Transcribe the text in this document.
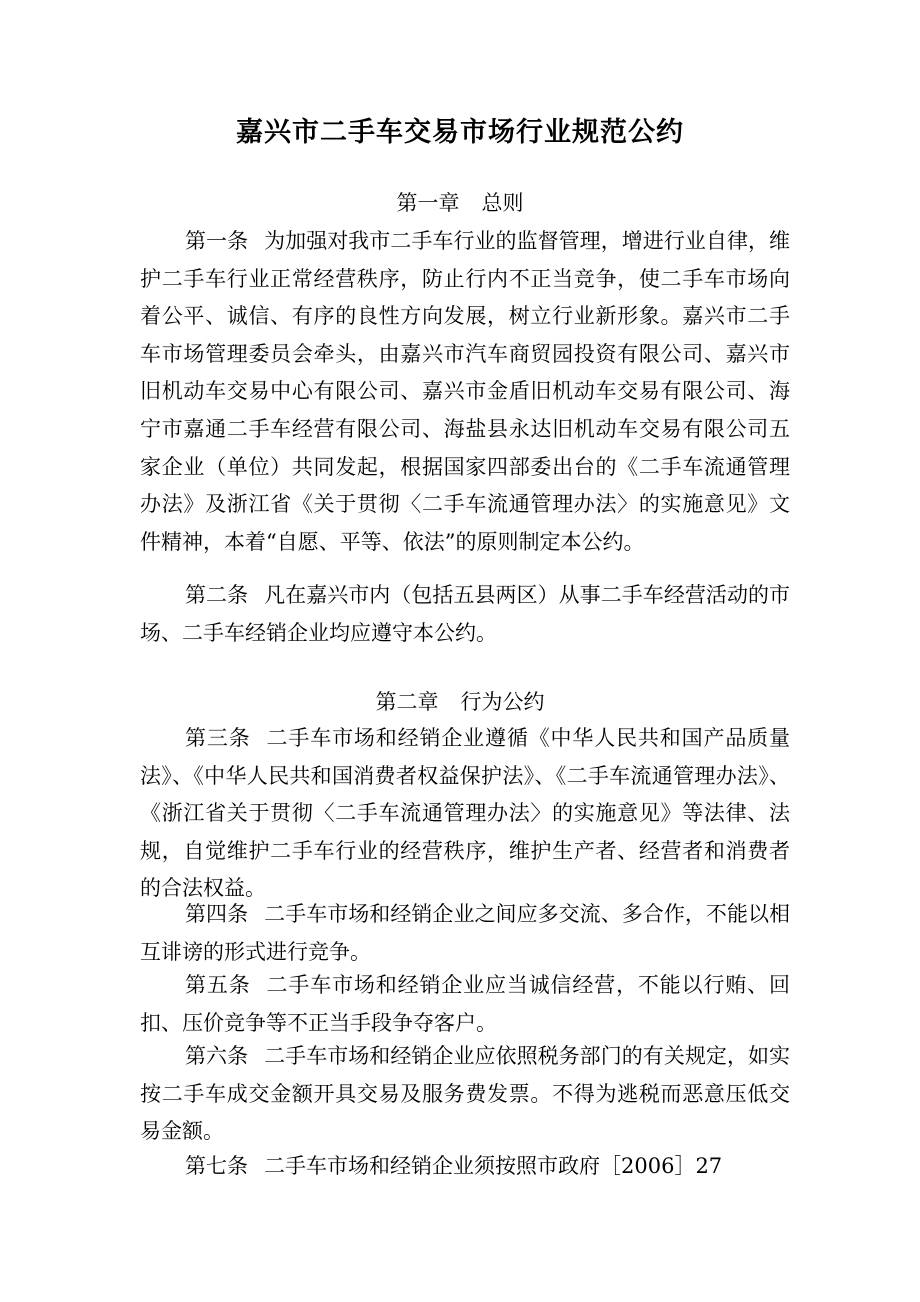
嘉兴市二手车交易市场行业规范公约
第一章 总则

第一条 为加强对我市二手车行业的监督管理，增进行业自律，维护二手车行业正常经营秩序，防止行内不正当竞争，使二手车市场向着公平、诚信、有序的良性方向发展，树立行业新形象。嘉兴市二手车市场管理委员会牵头，由嘉兴市汽车商贸园投资有限公司、嘉兴市旧机动车交易中心有限公司、嘉兴市金盾旧机动车交易有限公司、海宁市嘉通二手车经营有限公司、海盐县永达旧机动车交易有限公司五家企业（单位）共同发起，根据国家四部委出台的《二手车流通管理办法》及浙江省《关于贯彻〈二手车流通管理办法〉的实施意见》文件精神，本着“自愿、平等、依法”的原则制定本公约。

第二条 凡在嘉兴市内（包括五县两区）从事二手车经营活动的市场、二手车经销企业均应遵守本公约。

第二章 行为公约

第三条 二手车市场和经销企业遵循《中华人民共和国产品质量法》、《中华人民共和国消费者权益保护法》、《二手车流通管理办法》、《浙江省关于贯彻〈二手车流通管理办法〉的实施意见》等法律、法规，自觉维护二手车行业的经营秩序，维护生产者、经营者和消费者的合法权益。

第四条 二手车市场和经销企业之间应多交流、多合作，不能以相互诽谤的形式进行竞争。

第五条 二手车市场和经销企业应当诚信经营，不能以行贿、回扣、压价竞争等不正当手段争夺客户。

第六条 二手车市场和经销企业应依照税务部门的有关规定，如实按二手车成交金额开具交易及服务费发票。不得为逃税而恶意压低交易金额。

第七条 二手车市场和经销企业须按照市政府［2006］27
